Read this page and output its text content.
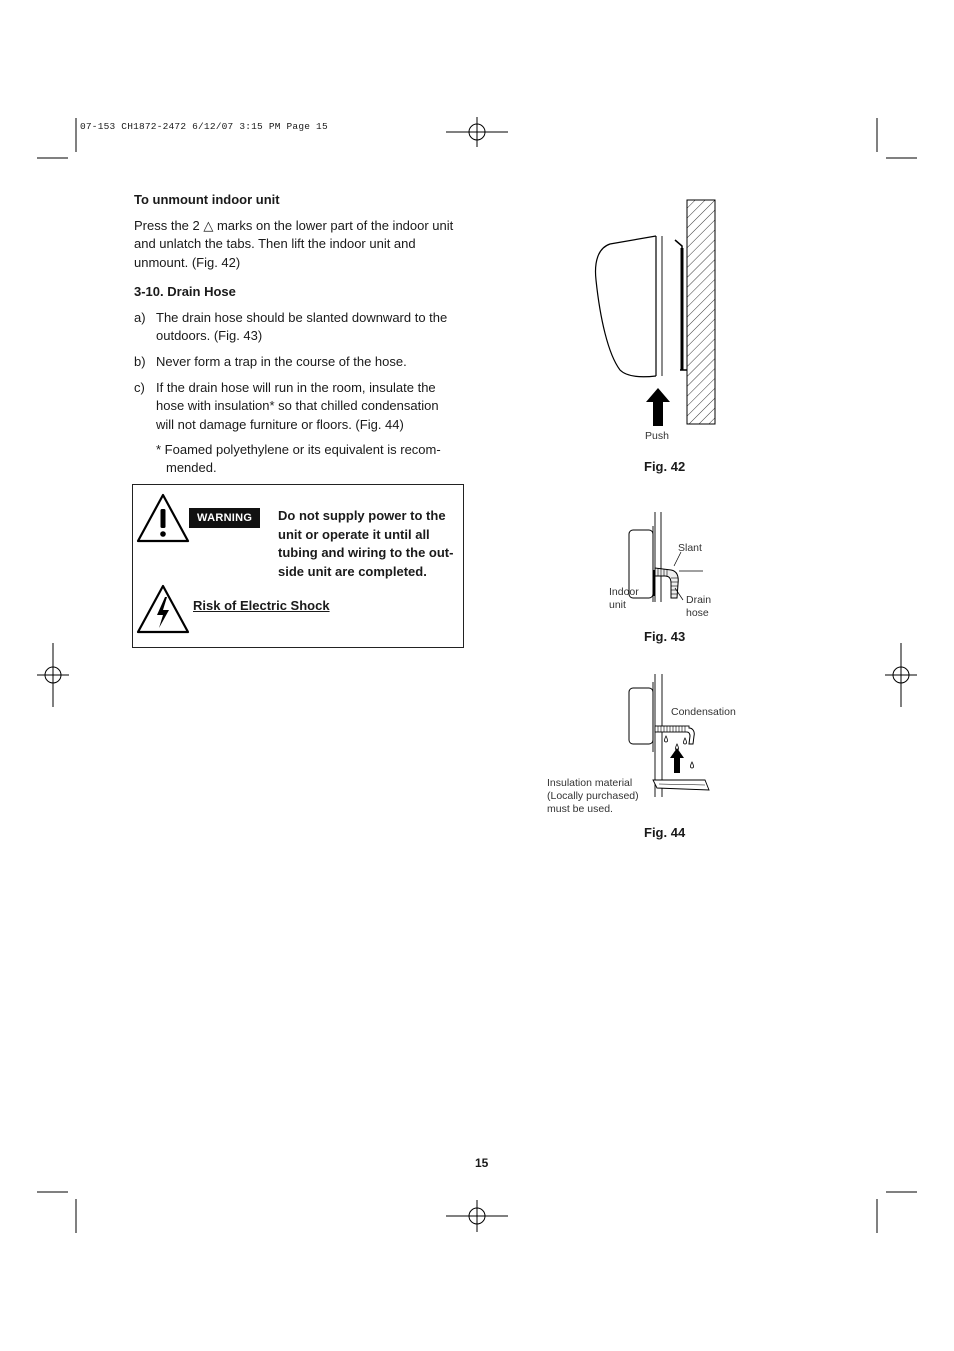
07-153 CH1872-2472 6/12/07 3:15 PM Page 15
To unmount indoor unit
Press the 2 △ marks on the lower part of the indoor unit
and unlatch the tabs. Then lift the indoor unit and
unmount. (Fig. 42)
3-10. Drain Hose
a) The drain hose should be slanted downward to the
outdoors. (Fig. 43)
b) Never form a trap in the course of the hose.
c) If the drain hose will run in the room, insulate the
hose with insulation* so that chilled condensation
will not damage furniture or floors. (Fig. 44)
* Foamed polyethylene or its equivalent is recom-
mended.
WARNING	Do not supply power to the
unit or operate it until all
tubing and wiring to the out-
side unit are completed.
Risk of Electric Shock
Push
Fig. 42
Slant
Indoor
unit	Drain
hose
Fig. 43
Condensation
Insulation material
(Locally purchased)
must be used.
Fig. 44
15
